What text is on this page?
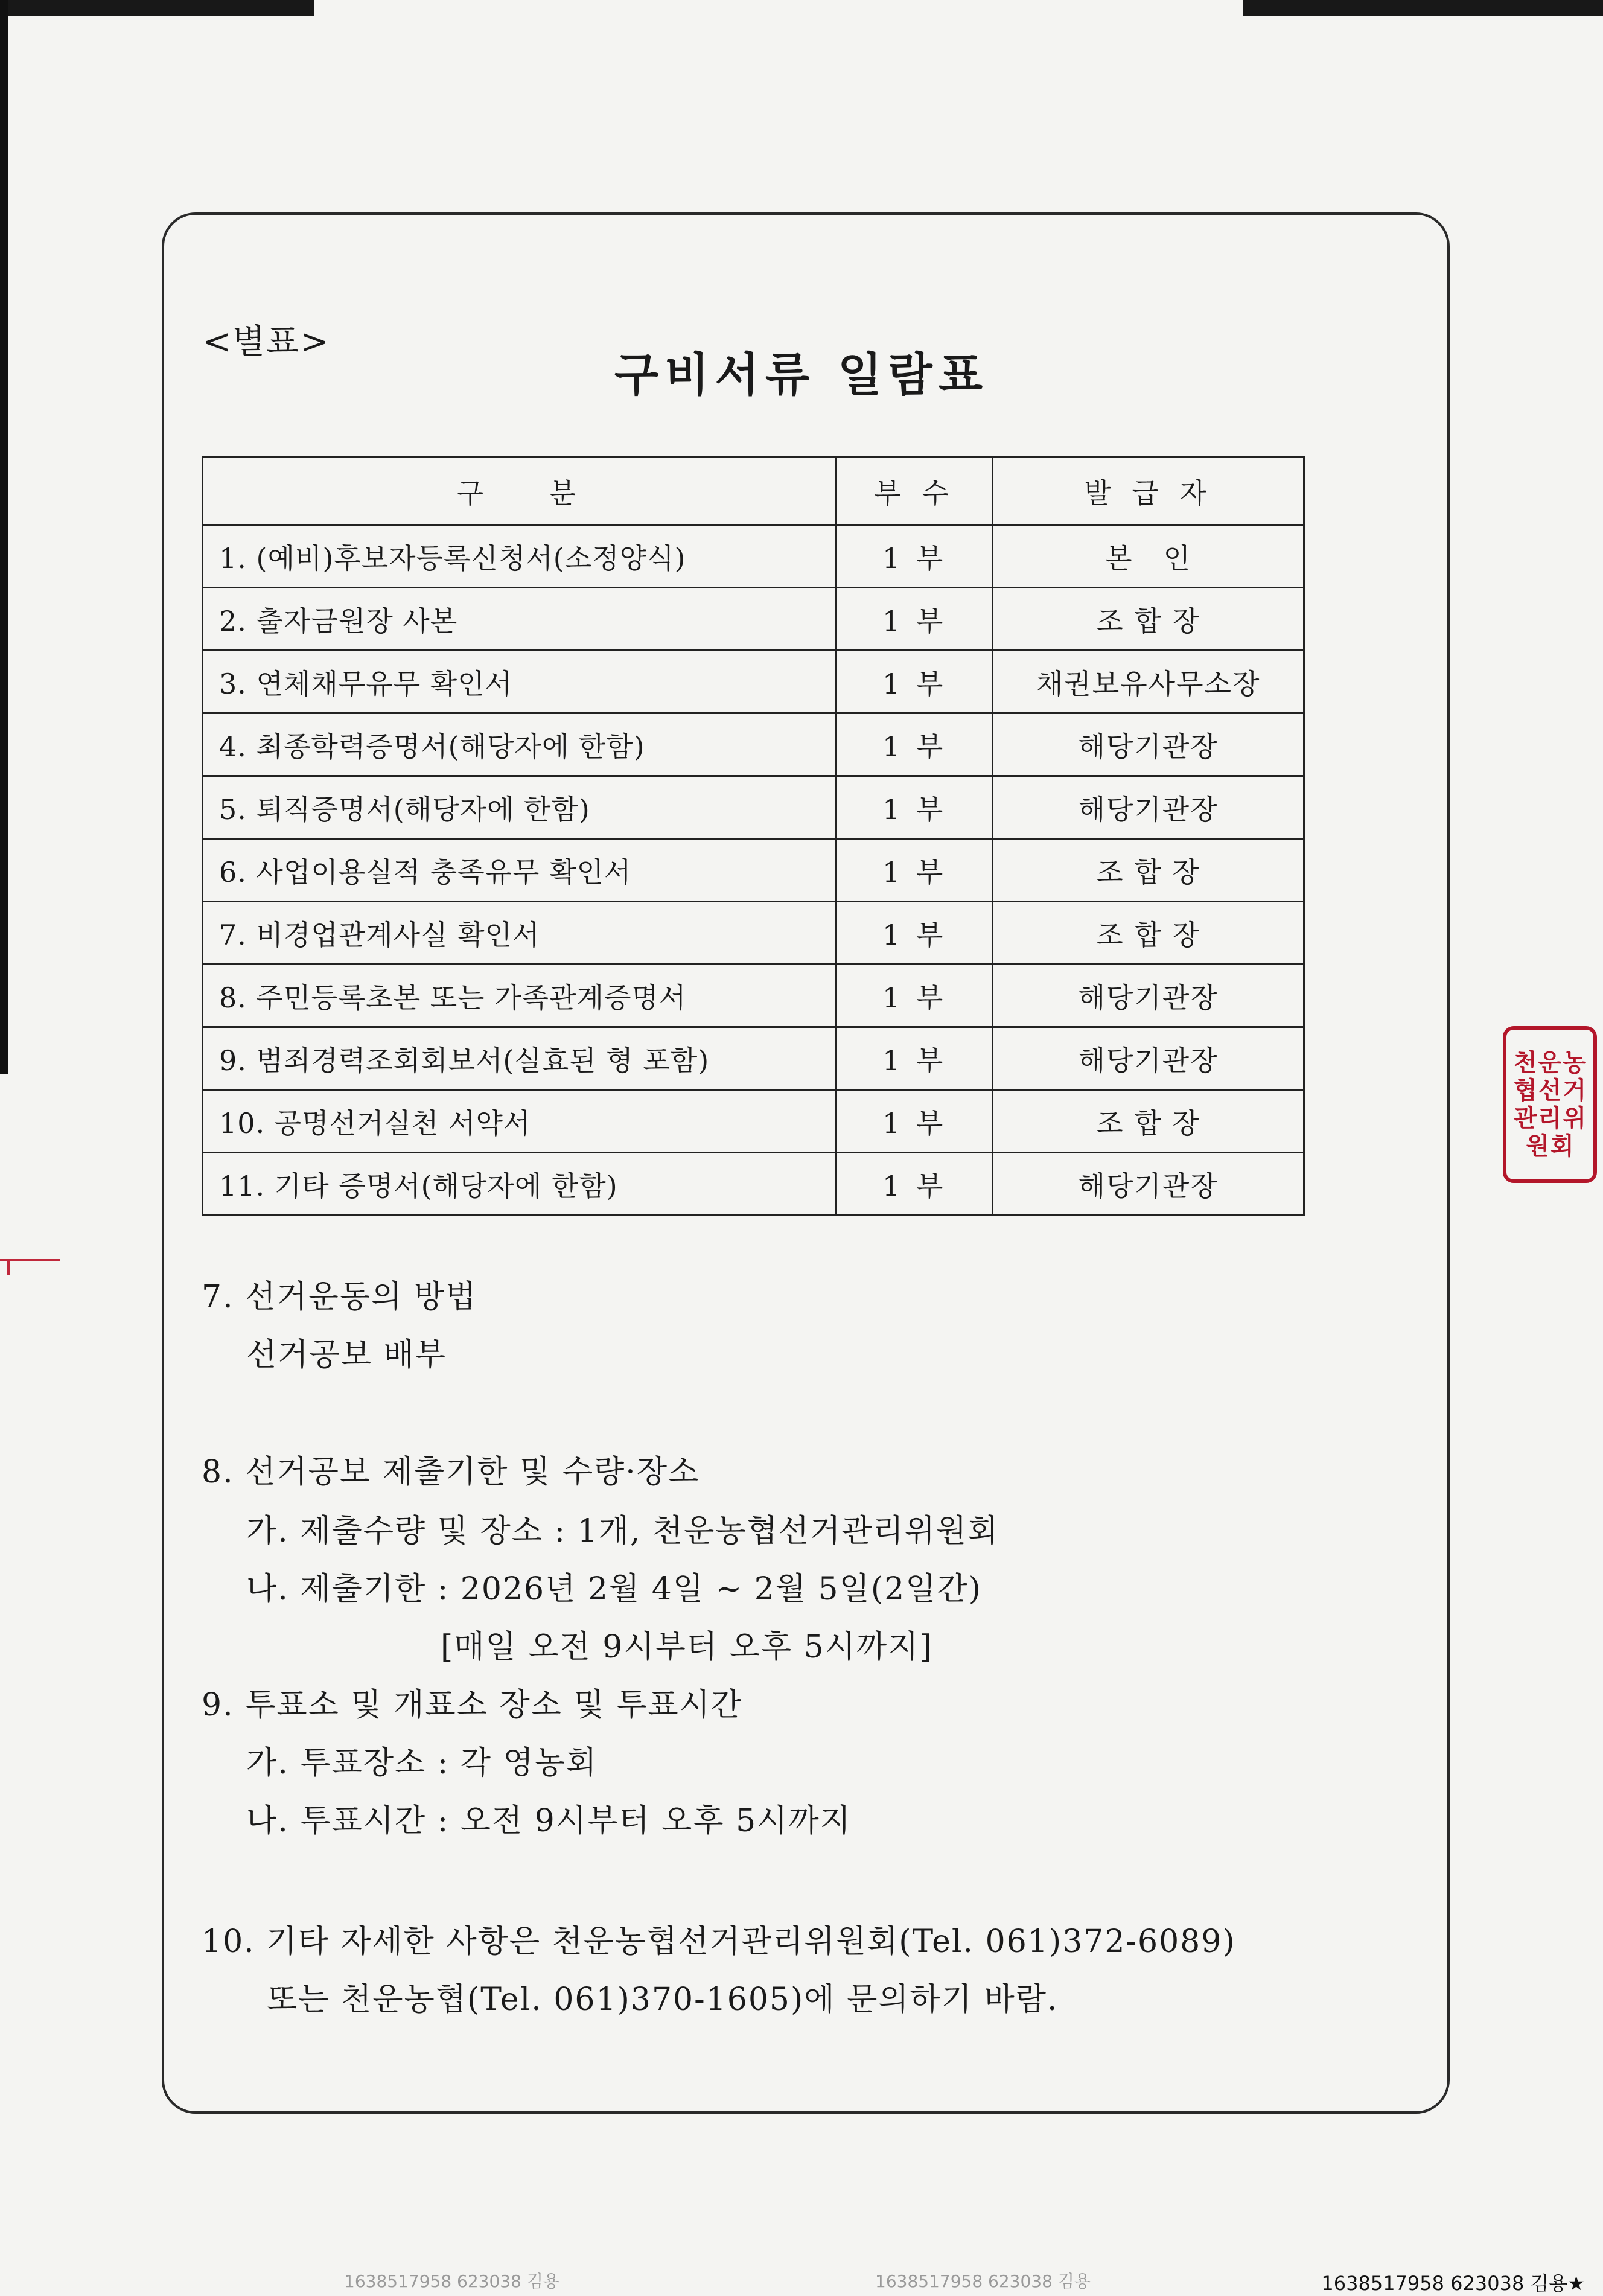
<별표>
구비서류 일람표
구    분	부 수	발 급 자
1. (예비)후보자등록신청서(소정양식)	1 부	본   인
2. 출자금원장 사본	1 부	조 합 장
3. 연체채무유무 확인서	1 부	채권보유사무소장
4. 최종학력증명서(해당자에 한함)	1 부	해당기관장
5. 퇴직증명서(해당자에 한함)	1 부	해당기관장
6. 사업이용실적 충족유무 확인서	1 부	조 합 장
7. 비경업관계사실 확인서	1 부	조 합 장
8. 주민등록초본 또는 가족관계증명서	1 부	해당기관장
9. 범죄경력조회회보서(실효된 형 포함)	1 부	해당기관장
10. 공명선거실천 서약서	1 부	조 합 장
11. 기타 증명서(해당자에 한함)	1 부	해당기관장
7. 선거운동의 방법
선거공보 배부
8. 선거공보 제출기한 및 수량·장소
가. 제출수량 및 장소 : 1개, 천운농협선거관리위원회
나. 제출기한 : 2026년 2월 4일 ~ 2월 5일(2일간)
[매일 오전 9시부터 오후 5시까지]
9. 투표소 및 개표소 장소 및 투표시간
가. 투표장소 : 각 영농회
나. 투표시간 : 오전 9시부터 오후 5시까지
10. 기타 자세한 사항은 천운농협선거관리위원회(Tel. 061)372-6089)
또는 천운농협(Tel. 061)370-1605)에 문의하기 바람.
천 운 농
협 선 거
관 리 위
원 회
1638517958 623038 김용	1638517958 623038 김용	1638517958 623038 김용★
